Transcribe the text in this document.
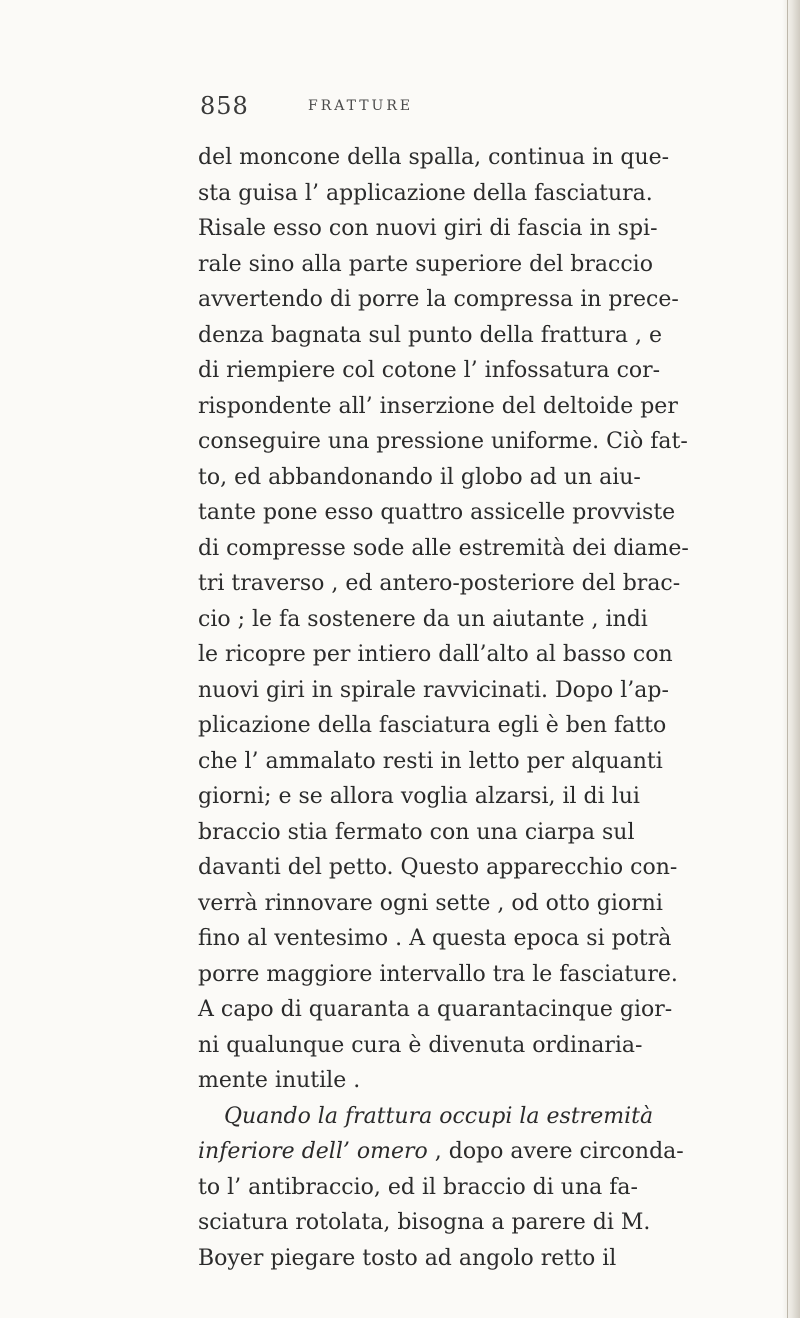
858	FRATTURE
del moncone della spalla, continua in que-
sta guisa l’ applicazione della fasciatura.
Risale esso con nuovi giri di fascia in spi-
rale sino alla parte superiore del braccio
avvertendo di porre la compressa in prece-
denza bagnata sul punto della frattura , e
di riempiere col cotone l’ infossatura cor-
rispondente all’ inserzione del deltoide per
conseguire una pressione uniforme. Ciò fat-
to, ed abbandonando il globo ad un aiu-
tante pone esso quattro assicelle provviste
di compresse sode alle estremità dei diame-
tri traverso , ed antero-posteriore del brac-
cio ; le fa sostenere da un aiutante , indi
le ricopre per intiero dall’alto al basso con
nuovi giri in spirale ravvicinati. Dopo l’ap-
plicazione della fasciatura egli è ben fatto
che l’ ammalato resti in letto per alquanti
giorni; e se allora voglia alzarsi, il di lui
braccio stia fermato con una ciarpa sul
davanti del petto. Questo apparecchio con-
verrà rinnovare ogni sette , od otto giorni
fino al ventesimo . A questa epoca si potrà
porre maggiore intervallo tra le fasciature.
A capo di quaranta a quarantacinque gior-
ni qualunque cura è divenuta ordinaria-
mente inutile .
Quando la frattura occupi la estremità
inferiore dell’ omero , dopo avere circonda-
to l’ antibraccio, ed il braccio di una fa-
sciatura rotolata, bisogna a parere di M.
Boyer piegare tosto ad angolo retto il
